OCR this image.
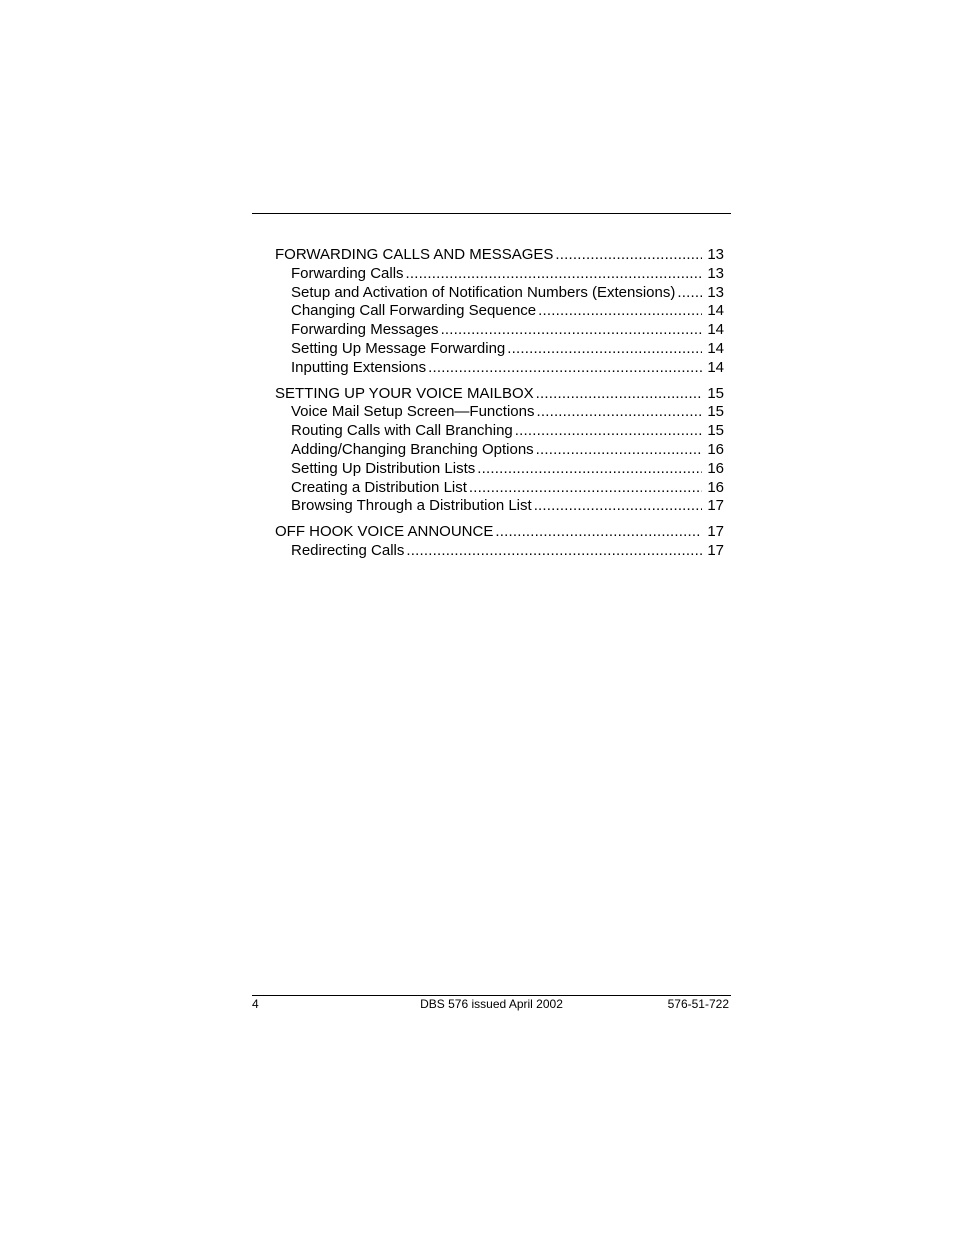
FORWARDING CALLS AND MESSAGES .....	13
Forwarding Calls .....	13
Setup and Activation of Notification Numbers (Extensions) ..... 13
Changing Call Forwarding Sequence .....	14
Forwarding Messages .....	14
Setting Up Message Forwarding .....	14
Inputting Extensions .....	14
SETTING UP YOUR VOICE MAILBOX .....	15
Voice Mail Setup Screen—Functions .....	15
Routing Calls with Call Branching .....	15
Adding/Changing Branching Options .....	16
Setting Up Distribution Lists .....	16
Creating a Distribution List .....	16
Browsing Through a Distribution List .....	17
OFF HOOK VOICE ANNOUNCE .....	17
Redirecting Calls .....	17
4	DBS 576 issued April 2002	576-51-722
